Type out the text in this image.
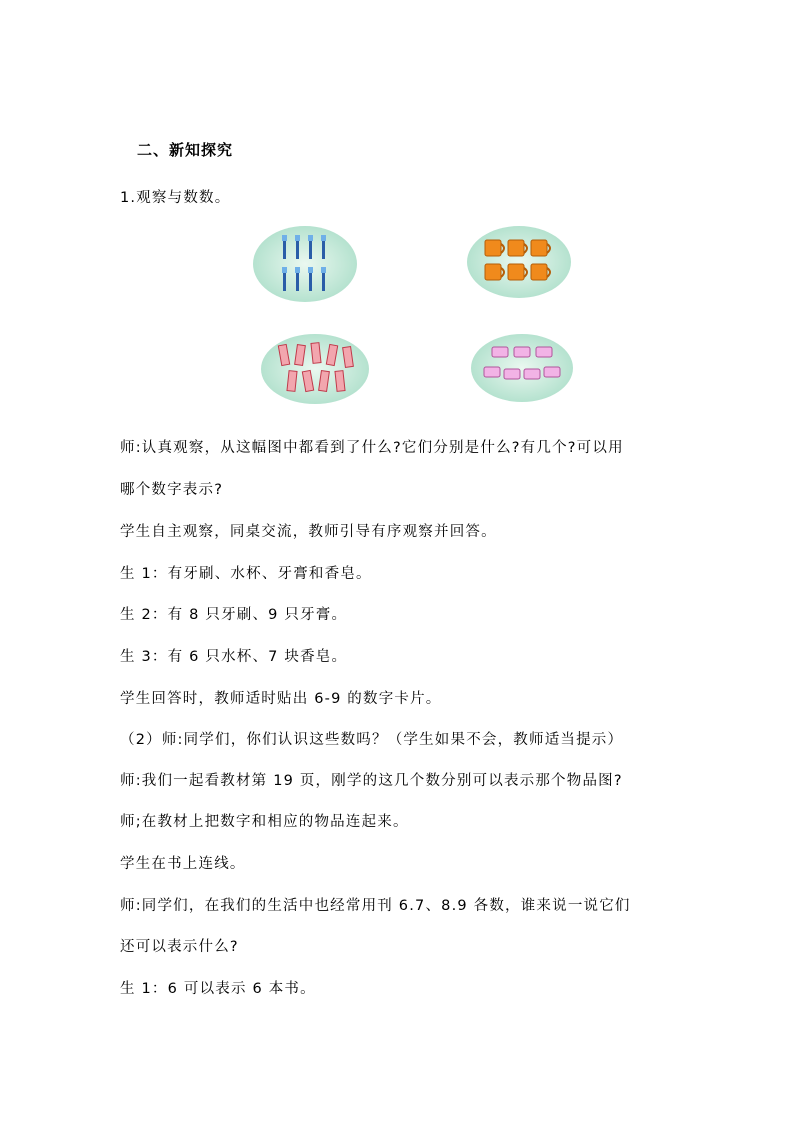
二、新知探究
1.观察与数数。
师:认真观察，从这幅图中都看到了什么?它们分别是什么?有几个?可以用
哪个数字表示?
学生自主观察，同桌交流，教师引导有序观察并回答。
生 1：有牙刷、水杯、牙膏和香皂。
生 2：有 8 只牙刷、9 只牙膏。
生 3：有 6 只水杯、7 块香皂。
学生回答时，教师适时贴出 6-9 的数字卡片。
（2）师:同学们，你们认识这些数吗？（学生如果不会，教师适当提示）
师:我们一起看教材第 19 页，刚学的这几个数分别可以表示那个物品图?
师;在教材上把数字和相应的物品连起来。
学生在书上连线。
师:同学们，在我们的生活中也经常用刊 6.7、8.9 各数，谁来说一说它们
还可以表示什么?
生 1：6 可以表示 6 本书。
